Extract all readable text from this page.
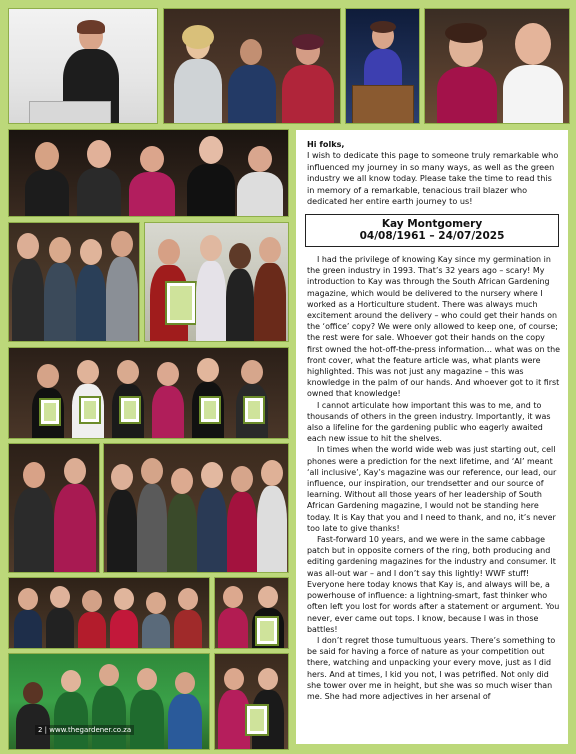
Hi folks,
I wish to dedicate this page to someone truly remarkable who influenced my journey in so many ways, as well as the green industry we all know today. Please take the time to read this in memory of a remarkable, tenacious trail blazer who dedicated her entire earth journey to us!
Kay Montgomery
04/08/1961 – 24/07/2025

I had the privilege of knowing Kay since my germination in the green industry in 1993. That’s 32 years ago – scary! My introduction to Kay was through the South African Gardening magazine, which would be delivered to the nursery where I worked as a Horticulture student. There was always much excitement around the delivery – who could get their hands on the ‘office’ copy? We were only allowed to keep one, of course; the rest were for sale. Whoever got their hands on the copy first owned the hot-off-the-press information… what was on the front cover, what the feature article was, what plants were highlighted. This was not just any magazine – this was knowledge in the palm of our hands. And whoever got to it first owned that knowledge!

I cannot articulate how important this was to me, and to thousands of others in the green industry. Importantly, it was also a lifeline for the gardening public who eagerly awaited each new issue to hit the shelves.

In times when the world wide web was just starting out, cell phones were a prediction for the next lifetime, and ‘AI’ meant ‘all inclusive’, Kay’s magazine was our reference, our lead, our influence, our inspiration, our trendsetter and our source of learning. Without all those years of her leadership of South African Gardening magazine, I would not be standing here today. It is Kay that you and I need to thank, and no, it’s never too late to give thanks!

Fast-forward 10 years, and we were in the same cabbage patch but in opposite corners of the ring, both producing and editing gardening magazines for the industry and consumer. It was all-out war – and I don’t say this lightly! WWF stuff! Everyone here today knows that Kay is, and always will be, a powerhouse of influence: a lightning-smart, fast thinker who often left you lost for words after a statement or argument. You never, ever came out tops. I know, because I was in those battles!

I don’t regret those tumultuous years. There’s something to be said for having a force of nature as your competition out there, watching and unpacking your every move, just as I did hers. And at times, I kid you not, I was petrified. Not only did she tower over me in height, but she was so much wiser than me. She had more adjectives in her arsenal of

2 | www.thegardener.co.za
